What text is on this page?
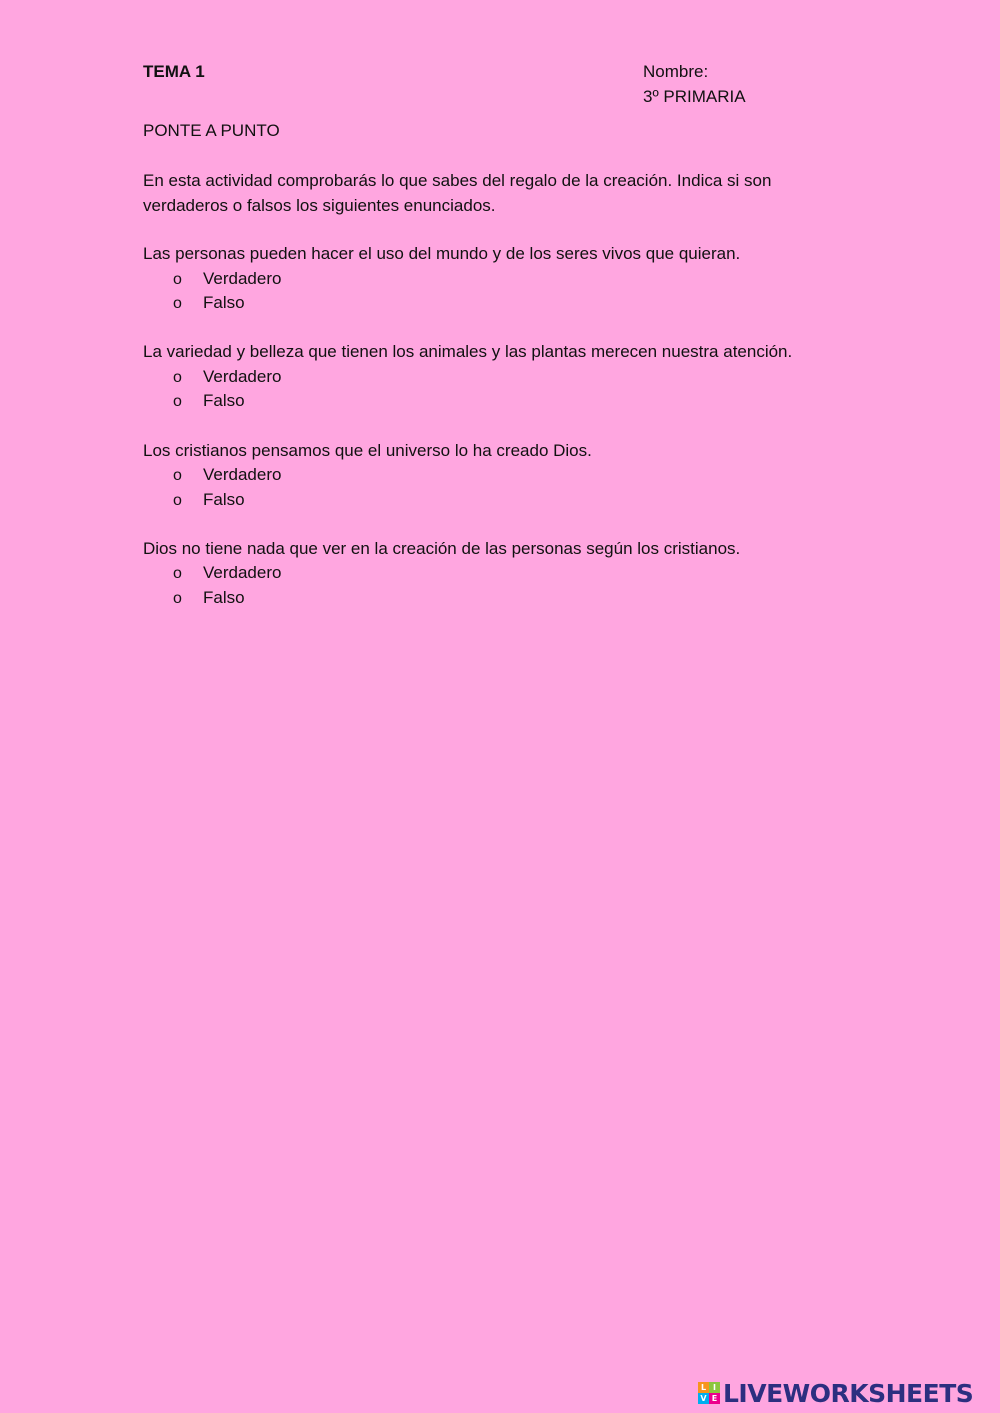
TEMA 1	Nombre:
3º PRIMARIA
PONTE A PUNTO
En esta actividad comprobarás lo que sabes del regalo de la creación. Indica si son
verdaderos o falsos los siguientes enunciados.
Las personas pueden hacer el uso del mundo y de los seres vivos que quieran.
o Verdadero
o Falso
La variedad y belleza que tienen los animales y las plantas merecen nuestra atención.
o Verdadero
o Falso
Los cristianos pensamos que el universo lo ha creado Dios.
o Verdadero
o Falso
Dios no tiene nada que ver en la creación de las personas según los cristianos.
o Verdadero
o Falso
L I
V E LIVEWORKSHEETS
